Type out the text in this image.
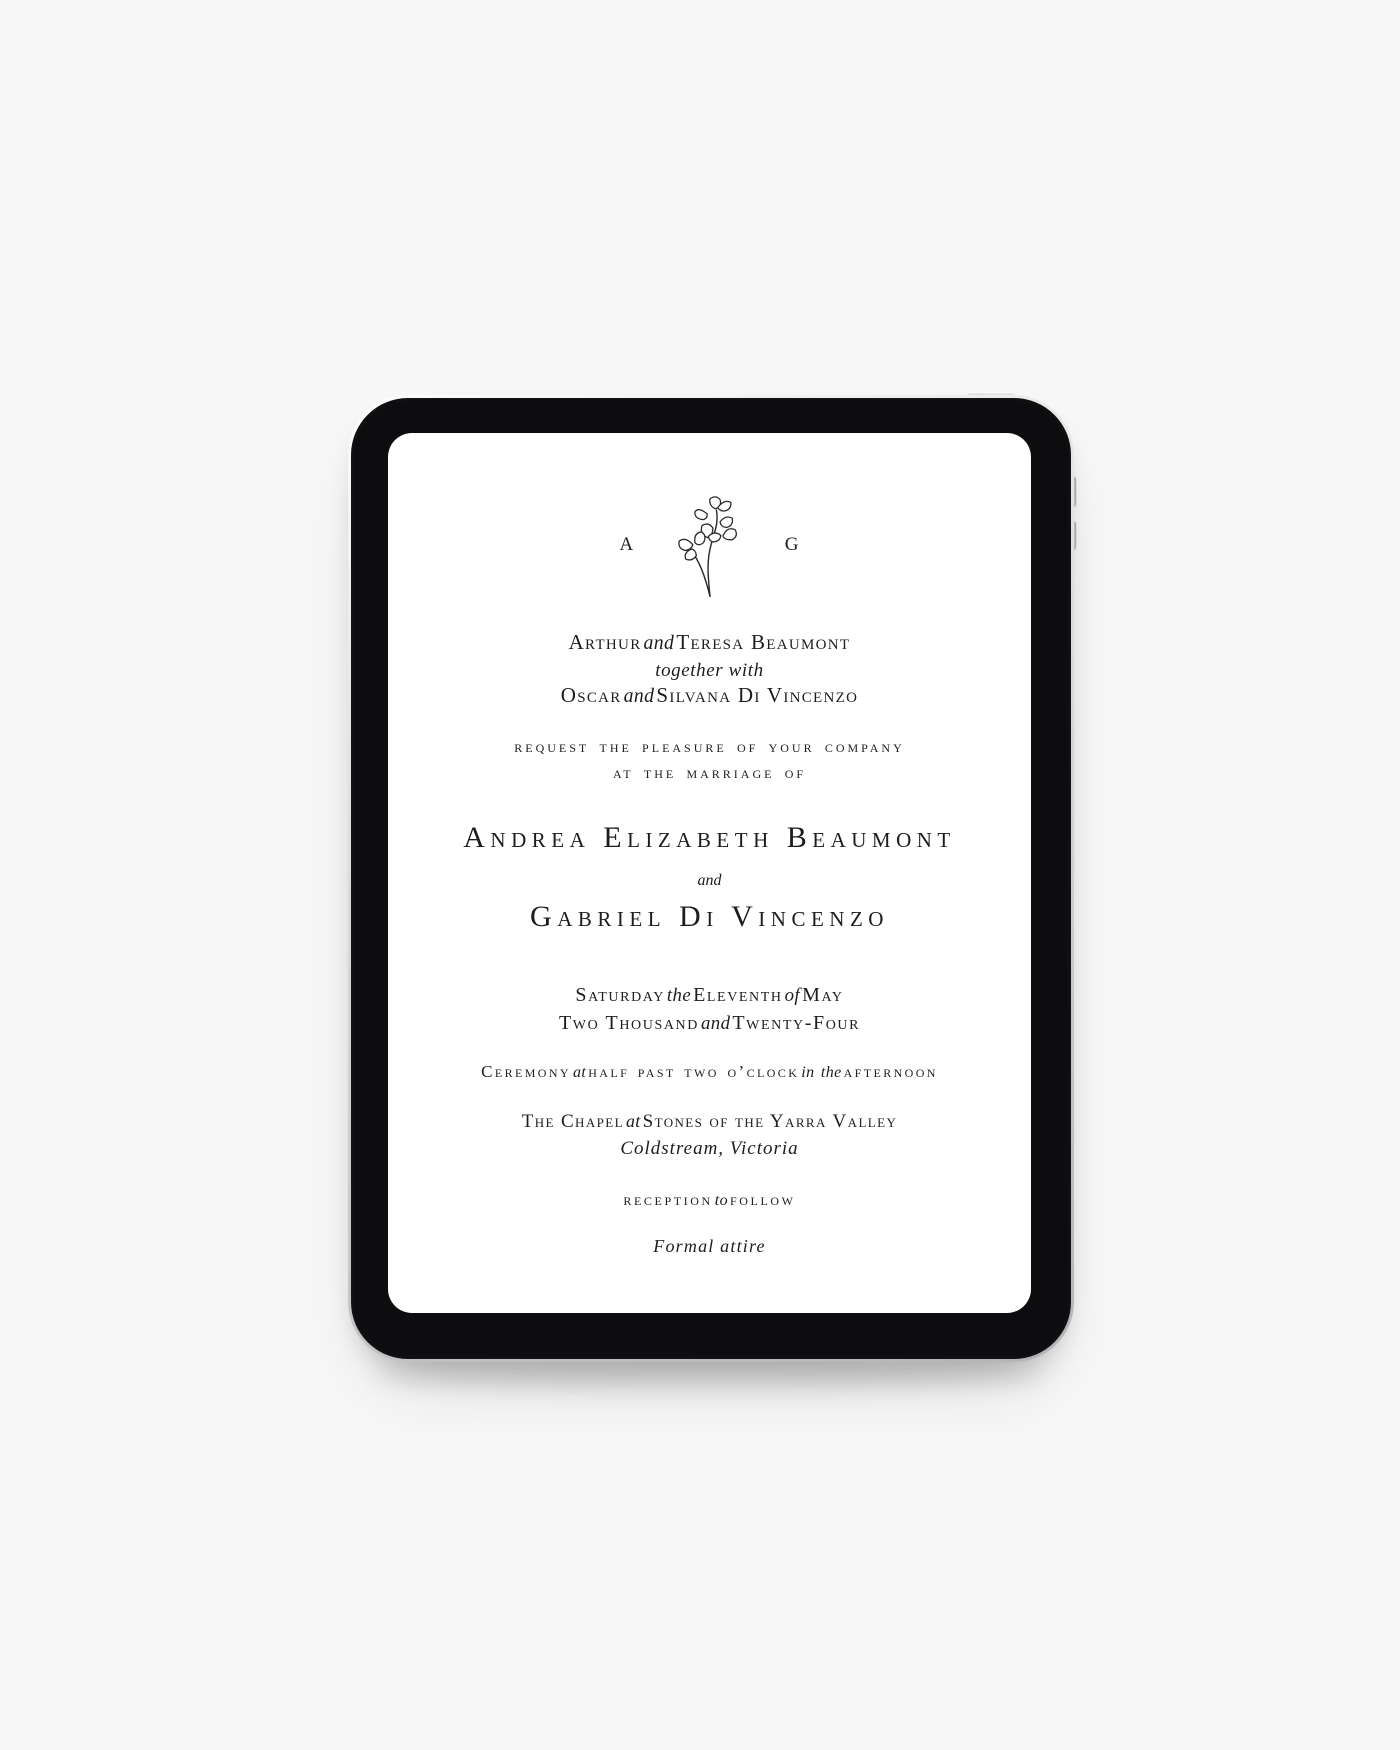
A	G
Arthur andTeresa Beaumont
together with
Oscar andSilvana Di Vincenzo
request the pleasure of your company
at the marriage of
Andrea Elizabeth Beaumont
and
Gabriel Di Vincenzo
Saturday the Eleventh of May
Two Thousand and Twenty-Four
Ceremony at half past two o’clock in the afternoon
The Chapel at Stones of the Yarra Valley
Coldstream, Victoria
reception to follow
Formal attire
